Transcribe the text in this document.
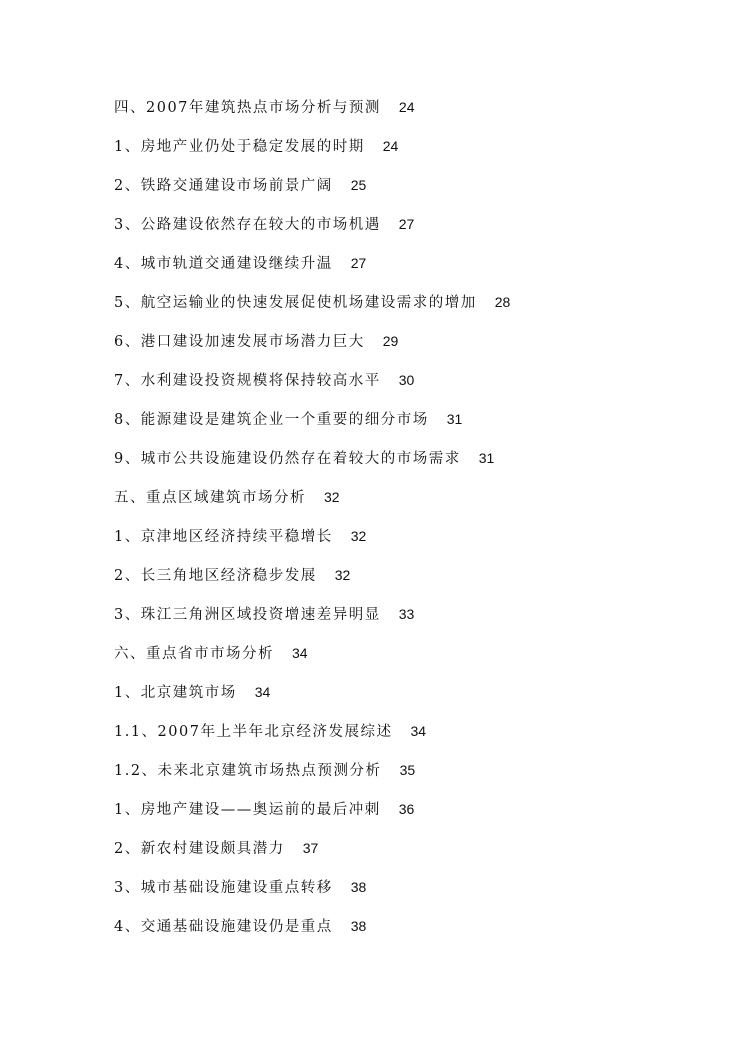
四、2007年建筑热点市场分析与预测 24
1、房地产业仍处于稳定发展的时期 24
2、铁路交通建设市场前景广阔 25
3、公路建设依然存在较大的市场机遇 27
4、城市轨道交通建设继续升温 27
5、航空运输业的快速发展促使机场建设需求的增加 28
6、港口建设加速发展市场潜力巨大 29
7、水利建设投资规模将保持较高水平 30
8、能源建设是建筑企业一个重要的细分市场 31
9、城市公共设施建设仍然存在着较大的市场需求 31
五、重点区域建筑市场分析 32
1、京津地区经济持续平稳增长 32
2、长三角地区经济稳步发展 32
3、珠江三角洲区域投资增速差异明显 33
六、重点省市市场分析 34
1、北京建筑市场 34
1.1、2007年上半年北京经济发展综述 34
1.2、未来北京建筑市场热点预测分析 35
1、房地产建设——奥运前的最后冲刺 36
2、新农村建设颇具潜力 37
3、城市基础设施建设重点转移 38
4、交通基础设施建设仍是重点 38
